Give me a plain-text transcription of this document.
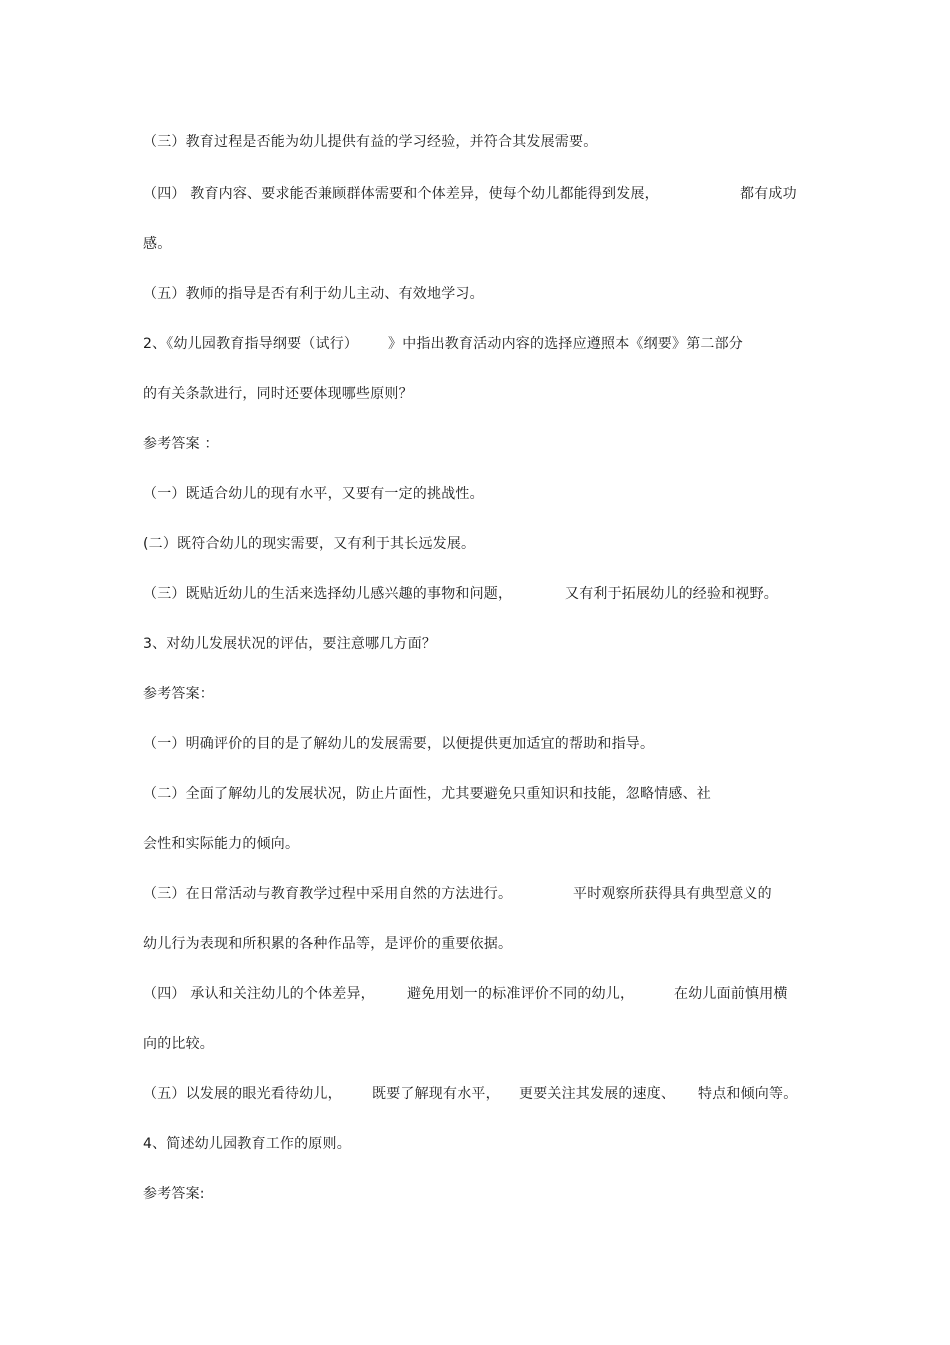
（三）教育过程是否能为幼儿提供有益的学习经验，并符合其发展需要。
（四） 教育内容、要求能否兼顾群体需要和个体差异，使每个幼儿都能得到发展，	都有成功
感。
（五）教师的指导是否有利于幼儿主动、有效地学习。
2、《幼儿园教育指导纲要（试行） 》中指出教育活动内容的选择应遵照本《纲要》第二部分
的有关条款进行，同时还要体现哪些原则？
参考答案 ：
（一）既适合幼儿的现有水平，又要有一定的挑战性。
(二）既符合幼儿的现实需要，又有利于其长远发展。
（三）既贴近幼儿的生活来选择幼儿感兴趣的事物和问题，	又有利于拓展幼儿的经验和视野。
3、对幼儿发展状况的评估，要注意哪几方面？
参考答案：
（一）明确评价的目的是了解幼儿的发展需要，以便提供更加适宜的帮助和指导。
（二）全面了解幼儿的发展状况，防止片面性，尤其要避免只重知识和技能，忽略情感、社
会性和实际能力的倾向。
（三）在日常活动与教育教学过程中采用自然的方法进行。	平时观察所获得具有典型意义的
幼儿行为表现和所积累的各种作品等，是评价的重要依据。
（四） 承认和关注幼儿的个体差异， 避免用划一的标准评价不同的幼儿，	在幼儿面前慎用横
向的比较。
（五）以发展的眼光看待幼儿， 既要了解现有水平， 更要关注其发展的速度、 特点和倾向等。
4、简述幼儿园教育工作的原则。
参考答案:
